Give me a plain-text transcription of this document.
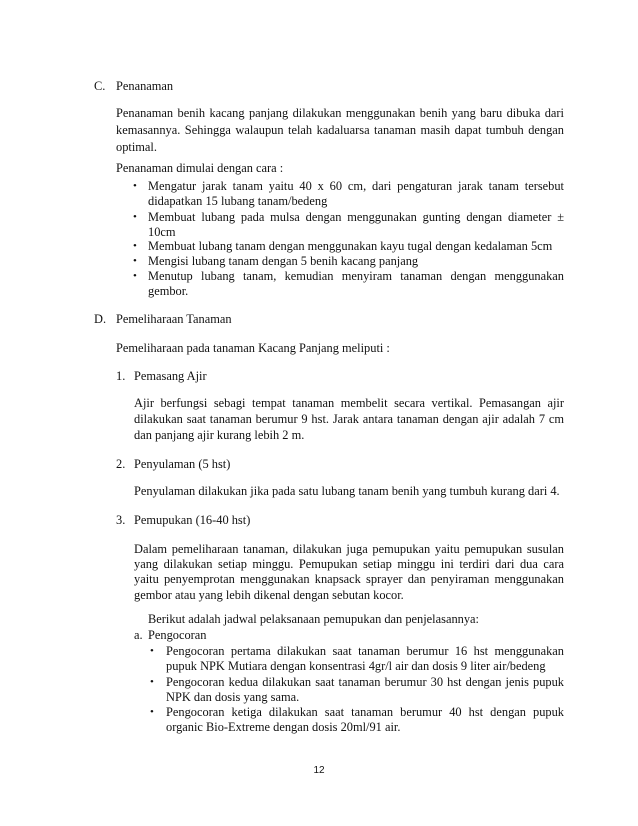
C. Penanaman
Penanaman benih kacang panjang dilakukan menggunakan benih yang baru dibuka dari
kemasannya. Sehingga walaupun telah kadaluarsa tanaman masih dapat tumbuh dengan
optimal.
Penanaman dimulai dengan cara :
• Mengatur jarak tanam yaitu 40 x 60 cm, dari pengaturan jarak tanam tersebut
didapatkan 15 lubang tanam/bedeng
• Membuat lubang pada mulsa dengan menggunakan gunting dengan diameter ±
10cm
• Membuat lubang tanam dengan menggunakan kayu tugal dengan kedalaman 5cm
• Mengisi lubang tanam dengan 5 benih kacang panjang
• Menutup lubang tanam, kemudian menyiram tanaman dengan menggunakan
gembor.
D. Pemeliharaan Tanaman
Pemeliharaan pada tanaman Kacang Panjang meliputi :
1. Pemasang Ajir
Ajir berfungsi sebagi tempat tanaman membelit secara vertikal. Pemasangan ajir
dilakukan saat tanaman berumur 9 hst. Jarak antara tanaman dengan ajir adalah 7 cm
dan panjang ajir kurang lebih 2 m.
2. Penyulaman (5 hst)
Penyulaman dilakukan jika pada satu lubang tanam benih yang tumbuh kurang dari 4.
3. Pemupukan (16-40 hst)
Dalam pemeliharaan tanaman, dilakukan juga pemupukan yaitu pemupukan susulan
yang dilakukan setiap minggu. Pemupukan setiap minggu ini terdiri dari dua cara
yaitu penyemprotan menggunakan knapsack sprayer dan penyiraman menggunakan
gembor atau yang lebih dikenal dengan sebutan kocor.
Berikut adalah jadwal pelaksanaan pemupukan dan penjelasannya:
a. Pengocoran
• Pengocoran pertama dilakukan saat tanaman berumur 16 hst menggunakan
pupuk NPK Mutiara dengan konsentrasi 4gr/l air dan dosis 9 liter air/bedeng
• Pengocoran kedua dilakukan saat tanaman berumur 30 hst dengan jenis pupuk
NPK dan dosis yang sama.
• Pengocoran ketiga dilakukan saat tanaman berumur 40 hst dengan pupuk
organic Bio-Extreme dengan dosis 20ml/91 air.
12
